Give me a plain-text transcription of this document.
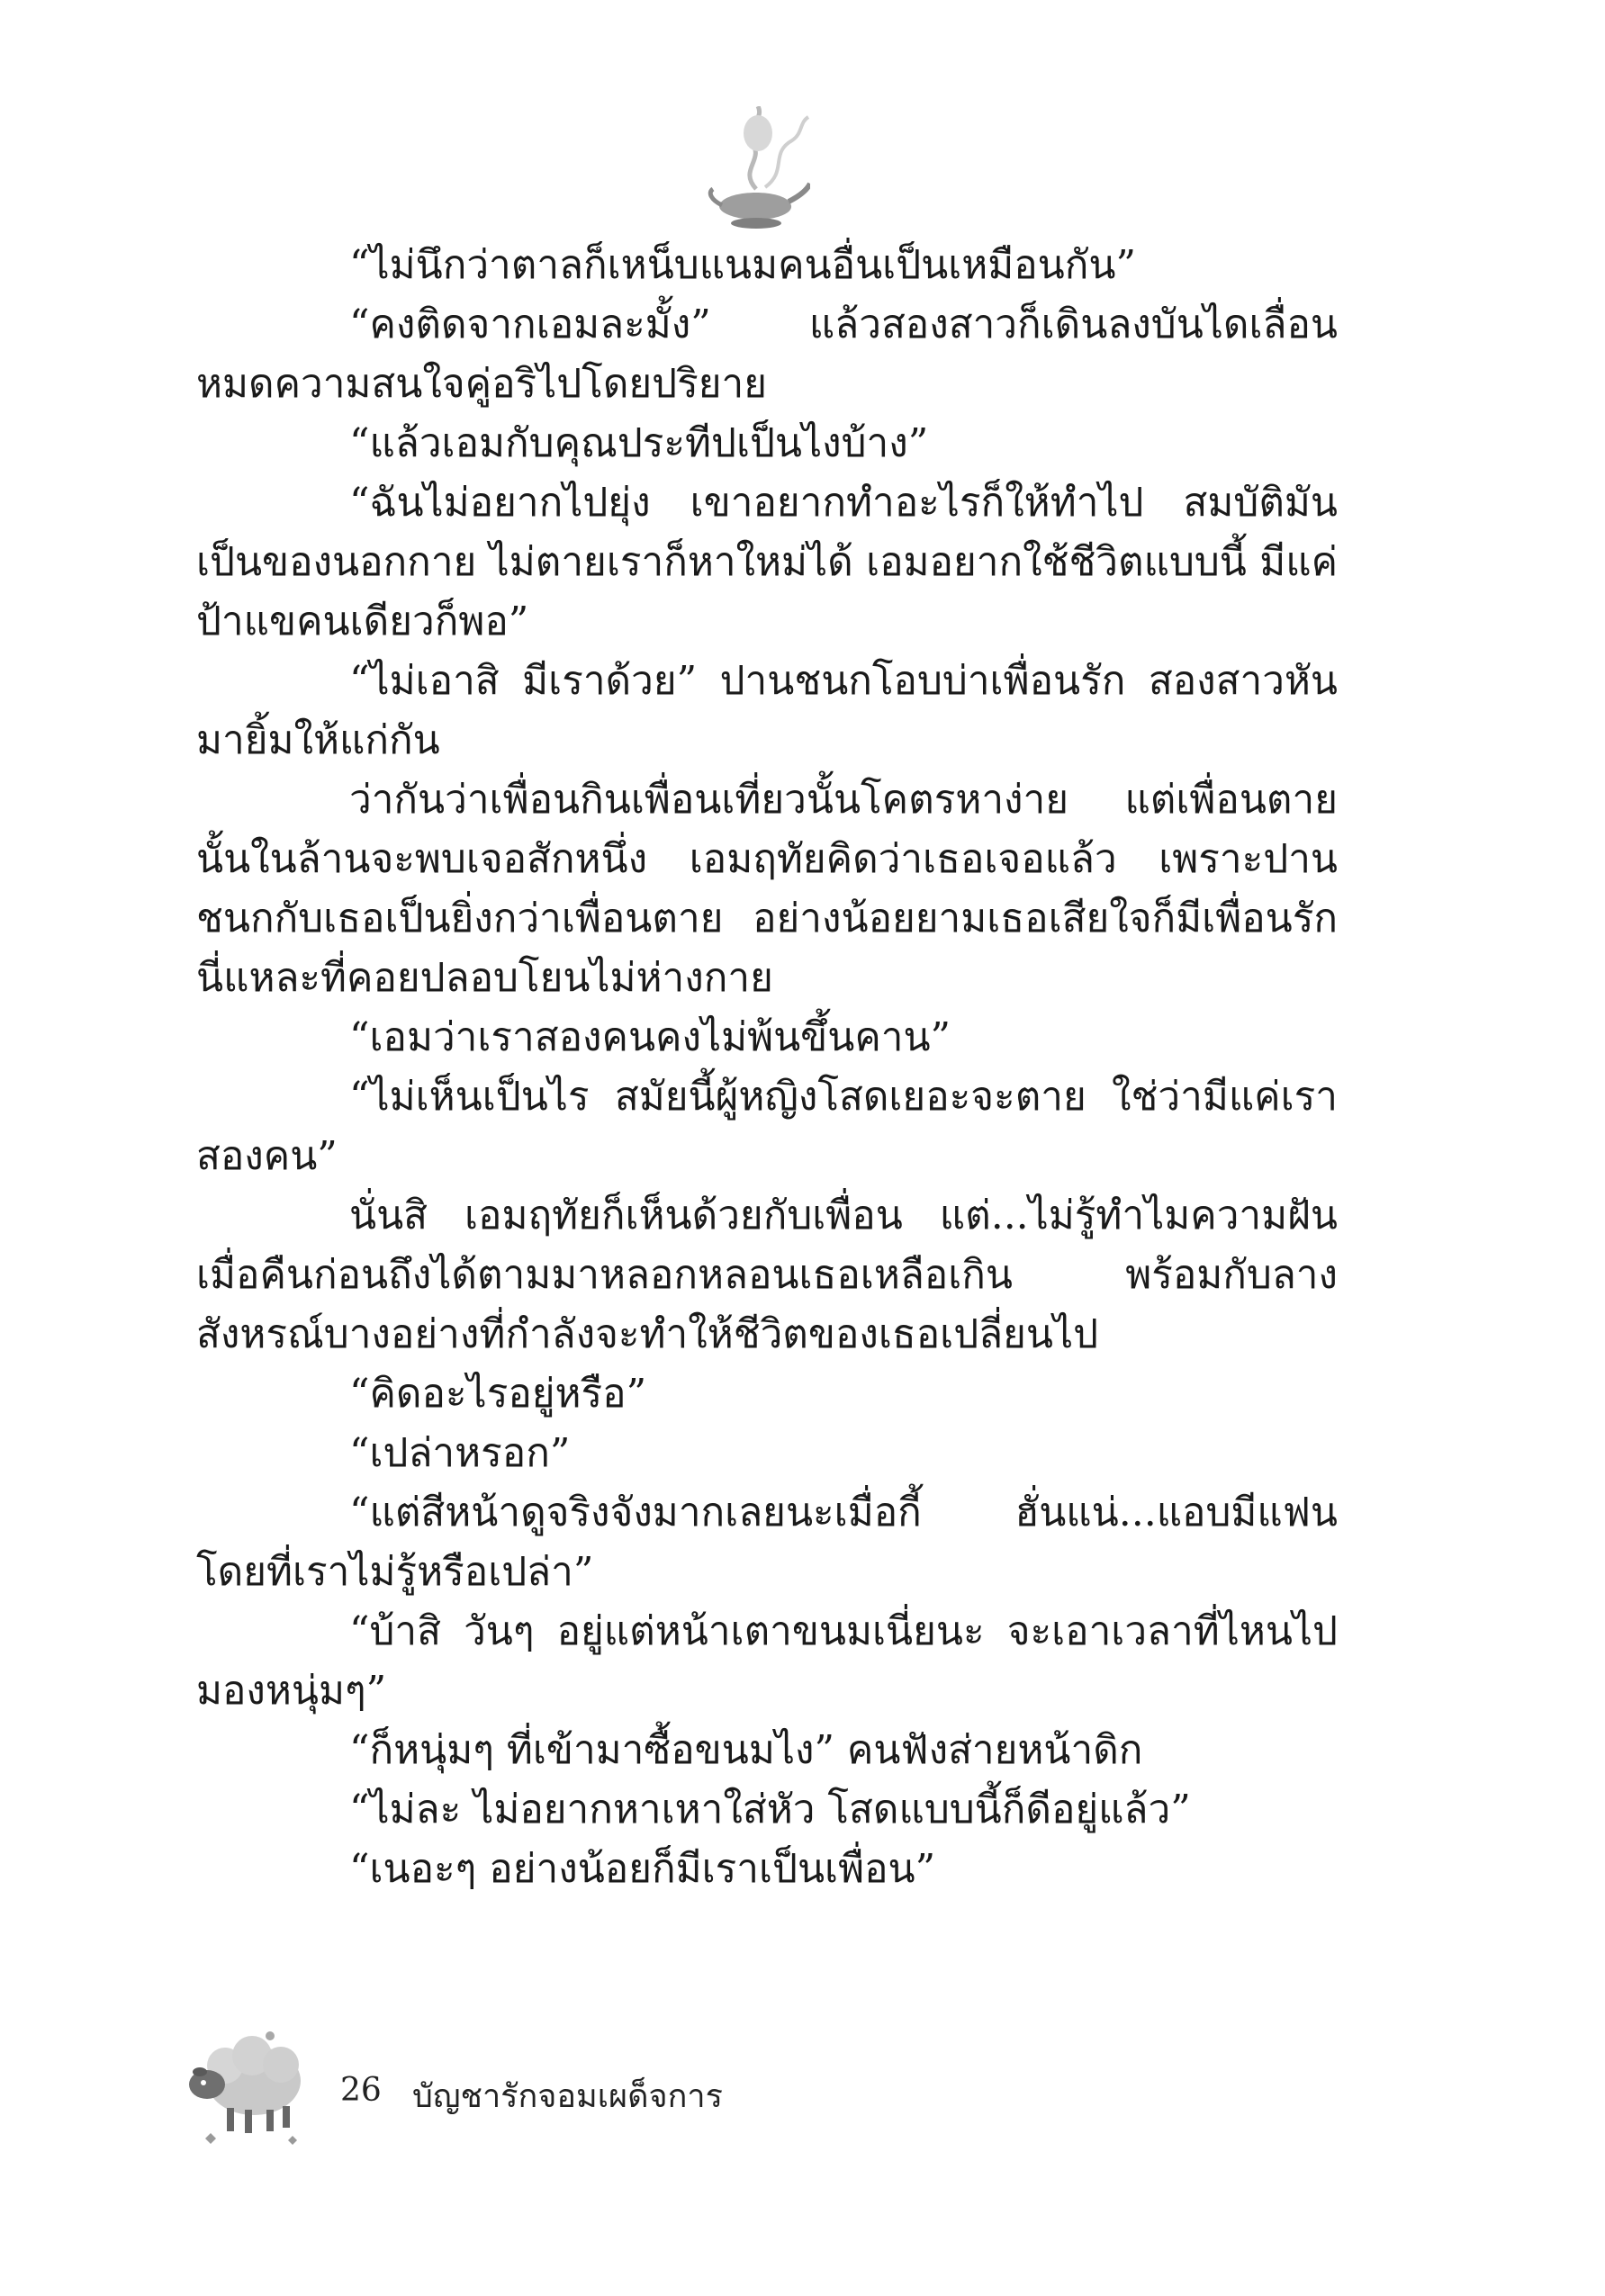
“ไม่นึกว่าตาลก็เหน็บแนมคนอื่นเป็นเหมือนกัน”

“คงติดจากเอมละมั้ง” แล้วสองสาวก็เดินลงบันไดเลื่อน หมดความสนใจคู่อริไปโดยปริยาย

“แล้วเอมกับคุณประทีปเป็นไงบ้าง”

“ฉันไม่อยากไปยุ่ง เขาอยากทำอะไรก็ให้ทำไป สมบัติมันเป็นของนอกกาย ไม่ตายเราก็หาใหม่ได้ เอมอยากใช้ชีวิตแบบนี้ มีแค่ป้าแขคนเดียวก็พอ”

“ไม่เอาสิ มีเราด้วย” ปานชนกโอบบ่าเพื่อนรัก สองสาวหันมายิ้มให้แก่กัน

ว่ากันว่าเพื่อนกินเพื่อนเที่ยวนั้นโคตรหาง่าย แต่เพื่อนตายนั้นในล้านจะพบเจอสักหนึ่ง เอมฤทัยคิดว่าเธอเจอแล้ว เพราะปานชนกกับเธอเป็นยิ่งกว่าเพื่อนตาย อย่างน้อยยามเธอเสียใจก็มีเพื่อนรักนี่แหละที่คอยปลอบโยนไม่ห่างกาย

“เอมว่าเราสองคนคงไม่พ้นขึ้นคาน”

“ไม่เห็นเป็นไร สมัยนี้ผู้หญิงโสดเยอะจะตาย ใช่ว่ามีแค่เราสองคน”

นั่นสิ เอมฤทัยก็เห็นด้วยกับเพื่อน แต่...ไม่รู้ทำไมความฝันเมื่อคืนก่อนถึงได้ตามมาหลอกหลอนเธอเหลือเกิน พร้อมกับลางสังหรณ์บางอย่างที่กำลังจะทำให้ชีวิตของเธอเปลี่ยนไป

“คิดอะไรอยู่หรือ”

“เปล่าหรอก”

“แต่สีหน้าดูจริงจังมากเลยนะเมื่อกี้ ฮั่นแน่...แอบมีแฟนโดยที่เราไม่รู้หรือเปล่า”

“บ้าสิ วันๆ อยู่แต่หน้าเตาขนมเนี่ยนะ จะเอาเวลาที่ไหนไปมองหนุ่มๆ”

“ก็หนุ่มๆ ที่เข้ามาซื้อขนมไง” คนฟังส่ายหน้าดิก

“ไม่ละ ไม่อยากหาเหาใส่หัว โสดแบบนี้ก็ดีอยู่แล้ว”

“เนอะๆ อย่างน้อยก็มีเราเป็นเพื่อน”

26 บัญชารักจอมเผด็จการ
